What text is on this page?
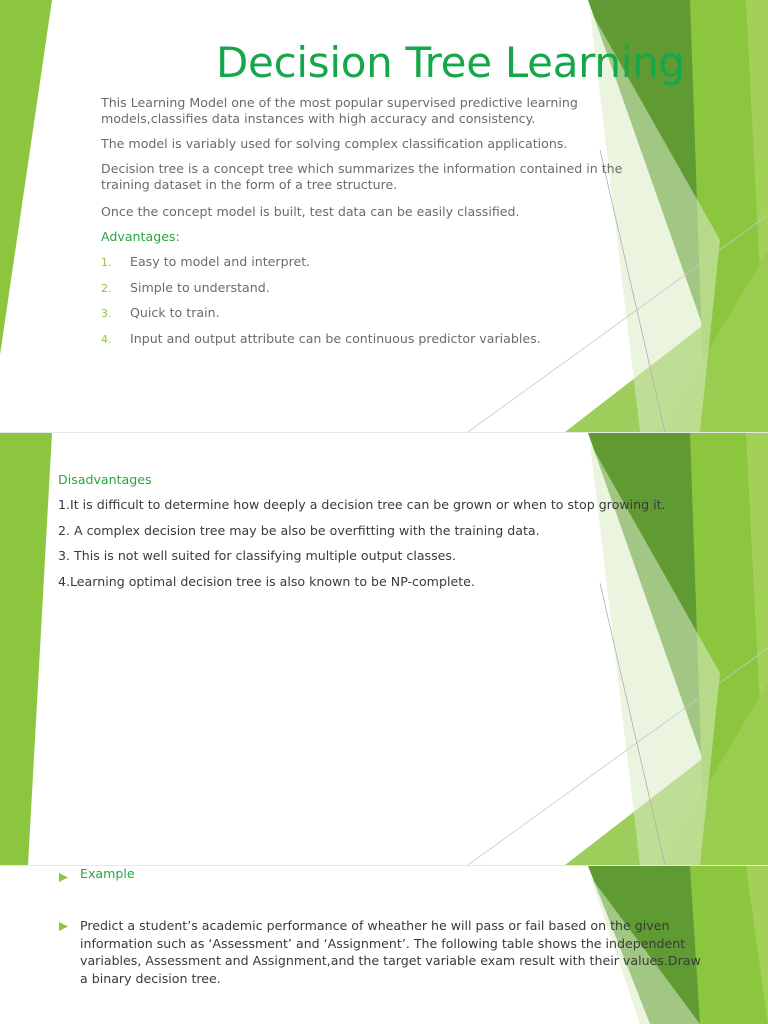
Decision Tree Learning
This Learning Model one of the most popular supervised predictive learning models,classifies data instances with high accuracy and consistency.
The model is variably used for solving complex classification applications.
Decision tree is a concept tree which summarizes the information contained in the training dataset in the form of a tree structure.
Once the concept model is built, test data can be easily classified.
Advantages:
1. Easy to model and interpret.
2. Simple to understand.
3. Quick to train.
4. Input and output attribute can be continuous predictor variables.
Disadvantages
1.It is difficult to determine how deeply a decision tree can be grown or when to stop growing it.
2. A complex decision tree may be also be overfitting with the training data.
3. This is not well suited for classifying multiple output classes.
4.Learning optimal decision tree is also known to be NP-complete.
Example
Predict a student’s academic performance of wheather he will pass or fail based on the given information such as ‘Assessment’ and ‘Assignment’. The following table shows the independent variables, Assessment and Assignment,and the target variable exam result with their values.Draw a binary decision tree.
